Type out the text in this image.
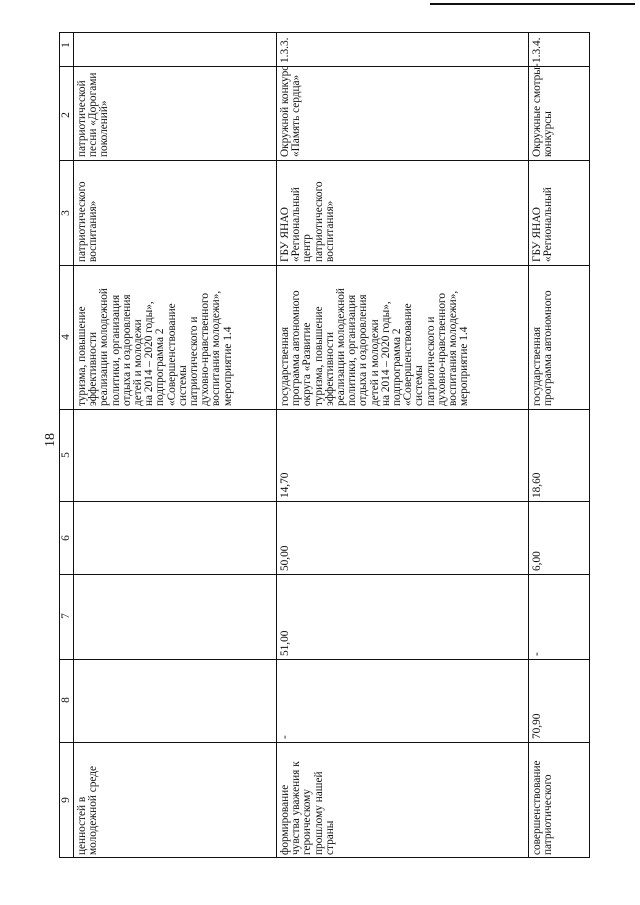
18
1
2
3
4
5
6
7
8
9
патриотической
песни «Дорогами
поколений»
патриотического
воспитания»
туризма, повышение
эффективности
реализации молодежной
политики, организация
отдыха и оздоровления
детей и молодежи
на 2014 – 2020 годы»,
подпрограмма 2
«Совершенствование
системы
патриотического и
духовно-нравственного
воспитания молодежи»,
мероприятие 1.4
ценностей в
молодежной среде
1.3.3.
Окружной конкурс
«Память сердца»
ГБУ ЯНАО
«Региональный
центр
патриотического
воспитания»
государственная
программа автономного
округа «Развитие
туризма, повышение
эффективности
реализации молодежной
политики, организация
отдыха и оздоровления
детей и молодежи
на 2014 – 2020 годы»,
подпрограмма 2
«Совершенствование
системы
патриотического и
духовно-нравственного
воспитания молодежи»,
мероприятие 1.4
14,70
50,00
51,00
-
формирование
чувства уважения к
героическому
прошлому нашей
страны
1.3.4.
Окружные смотры-
конкурсы
ГБУ ЯНАО
«Региональный
государственная
программа автономного
18,60
6,00
-
70,90
совершенствование
патриотического
